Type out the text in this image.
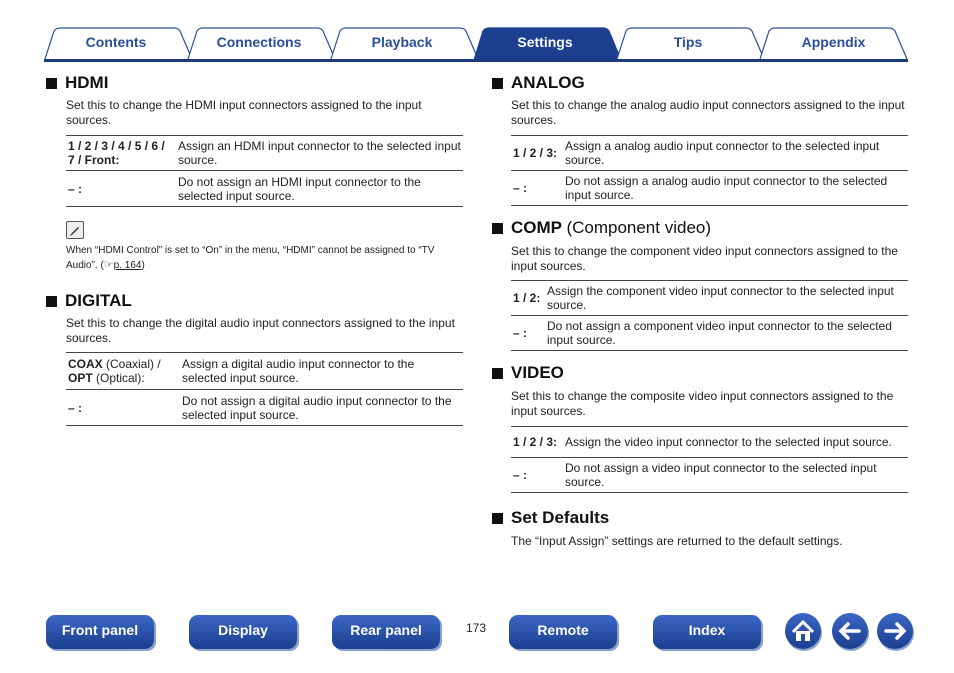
Contents	Connections	Playback	Settings	Tips	Appendix
HDMI
Set this to change the HDMI input connectors assigned to the input sources.
1 / 2 / 3 / 4 / 5 / 6 / 7 / Front:	Assign an HDMI input connector to the selected input source.
– :	Do not assign an HDMI input connector to the selected input source.
When “HDMI Control” is set to “On” in the menu, “HDMI” cannot be assigned to “TV Audio”. (☞p. 164)
DIGITAL
Set this to change the digital audio input connectors assigned to the input sources.
COAX (Coaxial) /
OPT (Optical):	Assign a digital audio input connector to the selected input source.
– :	Do not assign a digital audio input connector to the selected input source.
ANALOG
Set this to change the analog audio input connectors assigned to the input sources.
1 / 2 / 3:	Assign a analog audio input connector to the selected input source.
– :	Do not assign a analog audio input connector to the selected input source.
COMP (Component video)
Set this to change the component video input connectors assigned to the input sources.
1 / 2:	Assign the component video input connector to the selected input source.
– :	Do not assign a component video input connector to the selected input source.
VIDEO
Set this to change the composite video input connectors assigned to the input sources.
1 / 2 / 3:	Assign the video input connector to the selected input source.
– :	Do not assign a video input connector to the selected input source.
Set Defaults
The “Input Assign” settings are returned to the default settings.
Front panel	Display	Rear panel	173	Remote	Index
